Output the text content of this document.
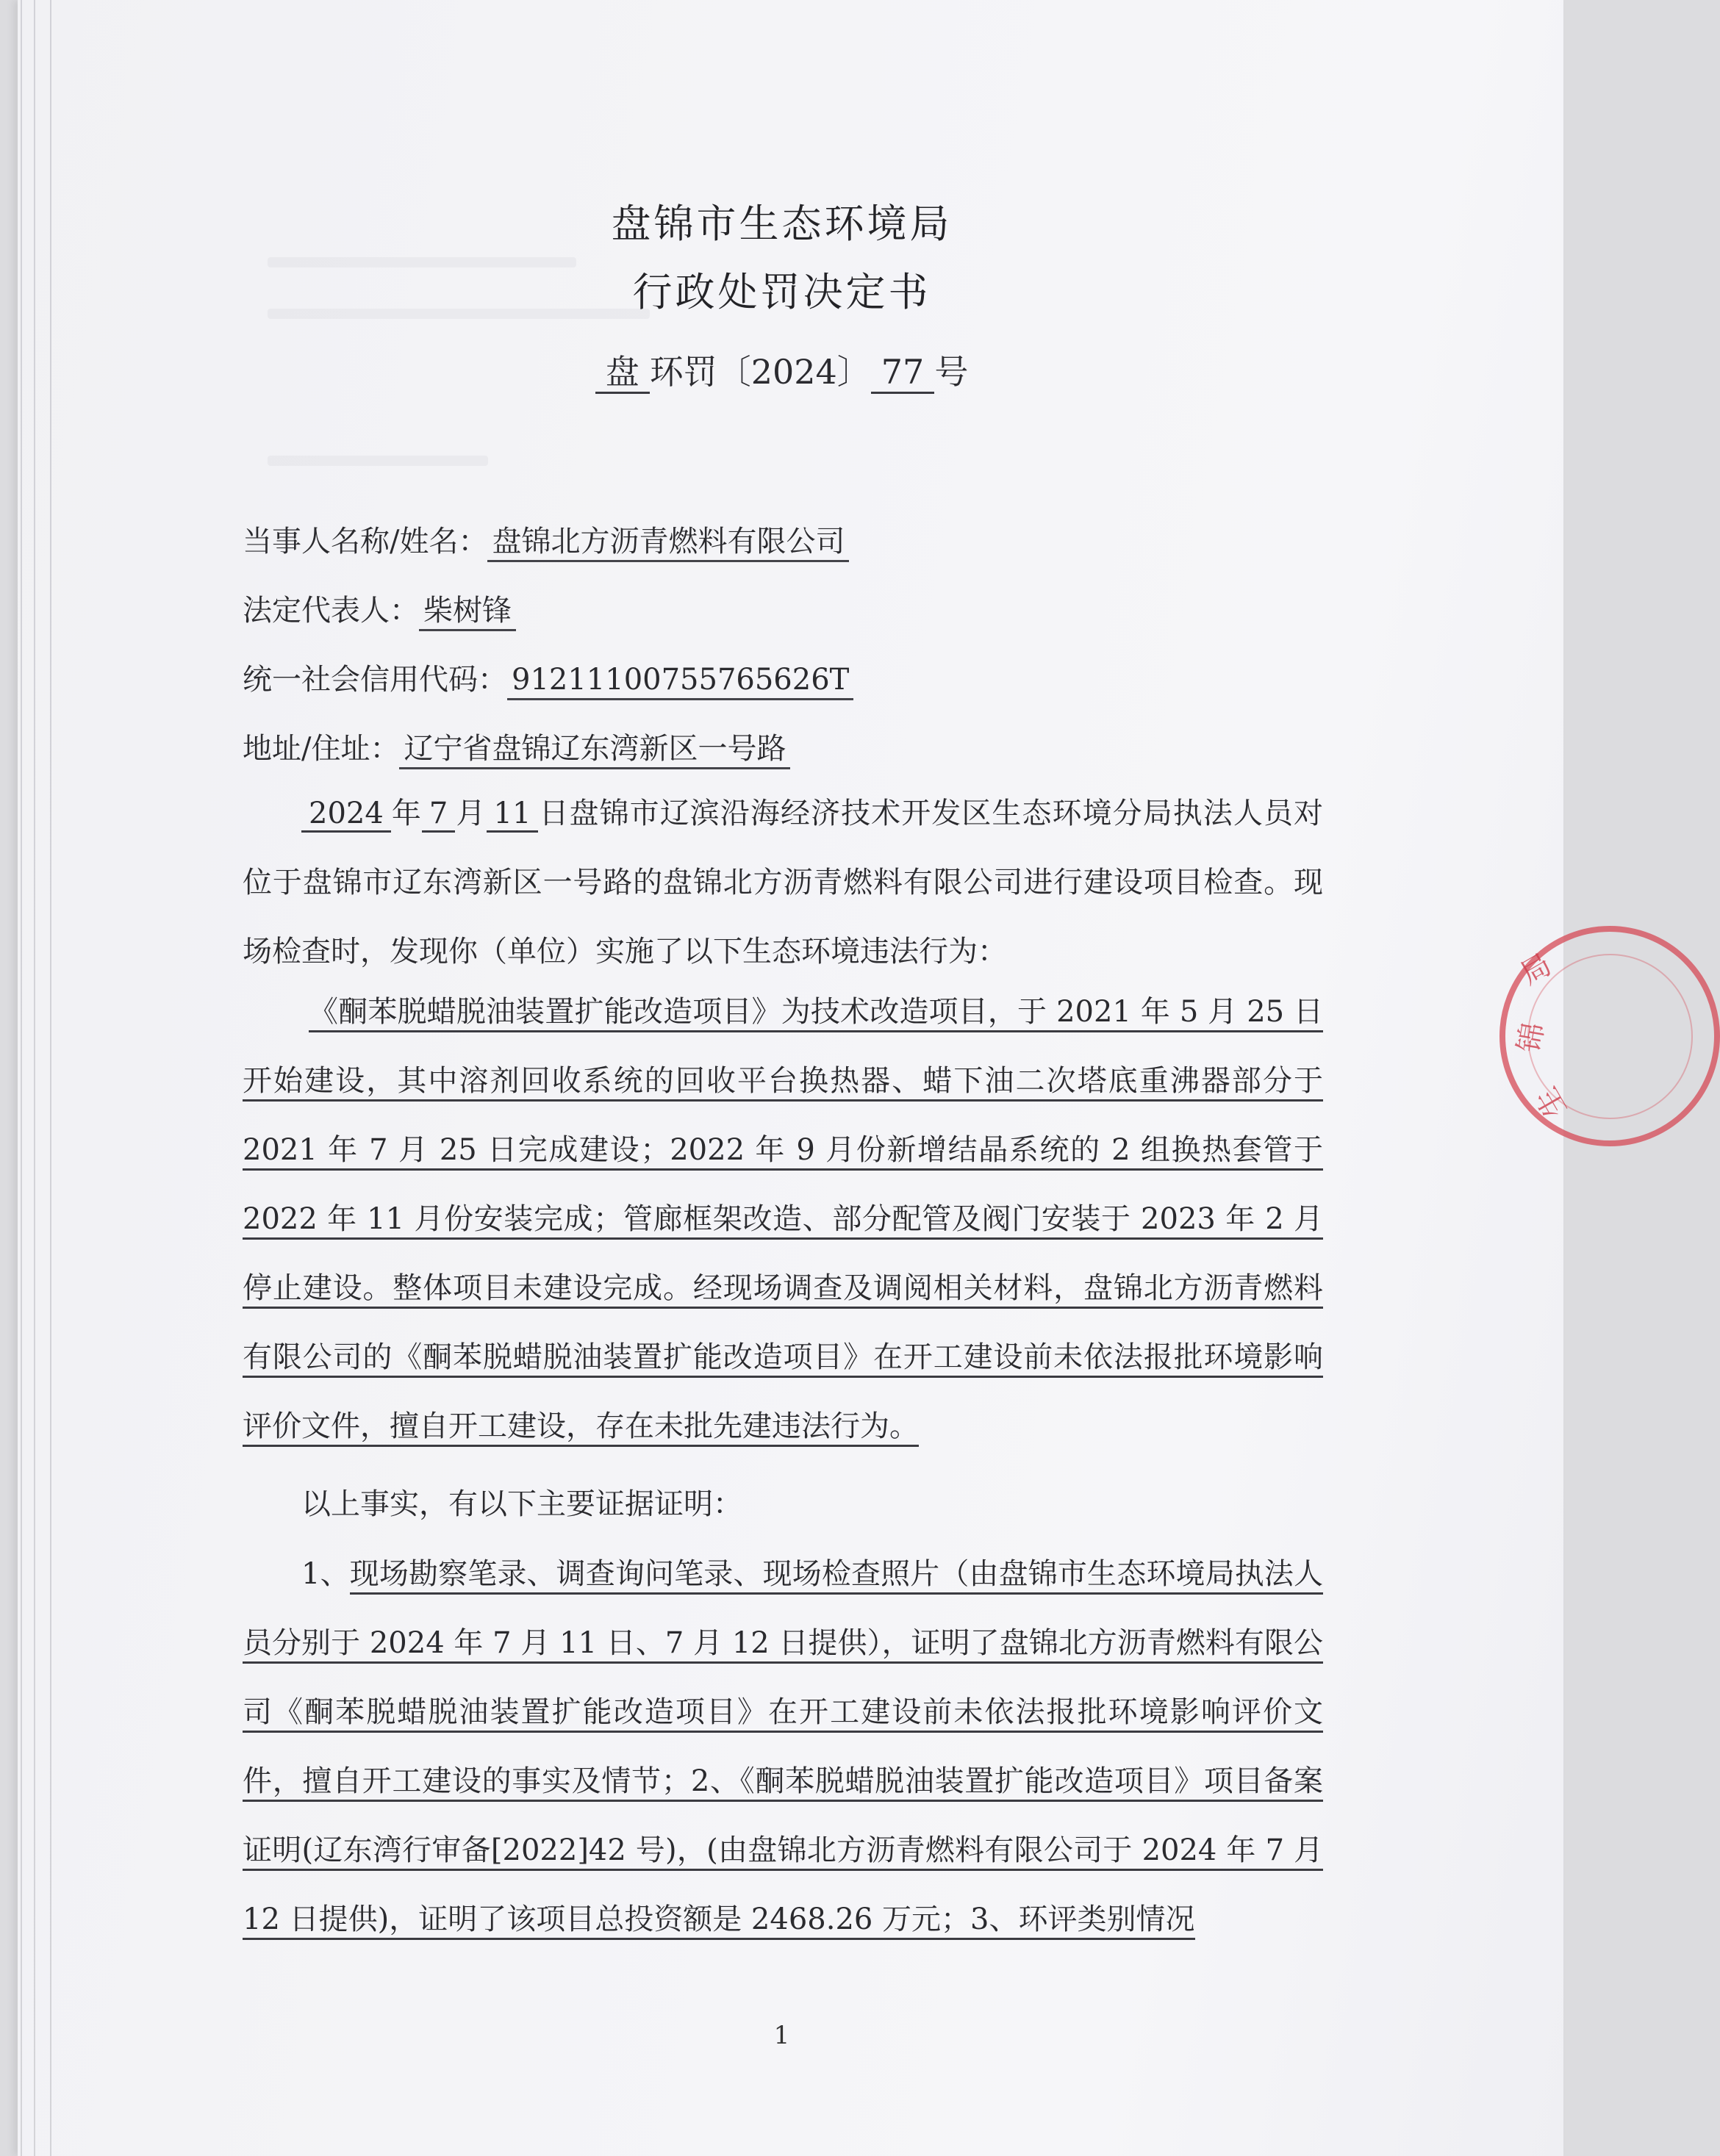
盘锦市生态环境局
行政处罚决定书
盘 环罚〔2024〕 77 号
当事人名称/姓名： 盘锦北方沥青燃料有限公司
法定代表人： 柴树锋
统一社会信用代码： 91211100755765626T
地址/住址： 辽宁省盘锦辽东湾新区一号路
2024 年 7 月 11 日盘锦市辽滨沿海经济技术开发区生态环境分局执法人员对位于盘锦市辽东湾新区一号路的盘锦北方沥青燃料有限公司进行建设项目检查。现场检查时，发现你（单位）实施了以下生态环境违法行为：
《酮苯脱蜡脱油装置扩能改造项目》为技术改造项目，于 2021 年 5 月 25 日开始建设，其中溶剂回收系统的回收平台换热器、蜡下油二次塔底重沸器部分于 2021 年 7 月 25 日完成建设；2022 年 9 月份新增结晶系统的 2 组换热套管于 2022 年 11 月份安装完成；管廊框架改造、部分配管及阀门安装于 2023 年 2 月停止建设。整体项目未建设完成。经现场调查及调阅相关材料，盘锦北方沥青燃料有限公司的《酮苯脱蜡脱油装置扩能改造项目》在开工建设前未依法报批环境影响评价文件，擅自开工建设，存在未批先建违法行为。
以上事实，有以下主要证据证明：
1、现场勘察笔录、调查询问笔录、现场检查照片（由盘锦市生态环境局执法人员分别于 2024 年 7 月 11 日、7 月 12 日提供），证明了盘锦北方沥青燃料有限公司《酮苯脱蜡脱油装置扩能改造项目》在开工建设前未依法报批环境影响评价文件，擅自开工建设的事实及情节；2、《酮苯脱蜡脱油装置扩能改造项目》项目备案证明(辽东湾行审备[2022]42 号)，(由盘锦北方沥青燃料有限公司于 2024 年 7 月 12 日提供)，证明了该项目总投资额是 2468.26 万元；3、环评类别情况
1
局
锦
生
